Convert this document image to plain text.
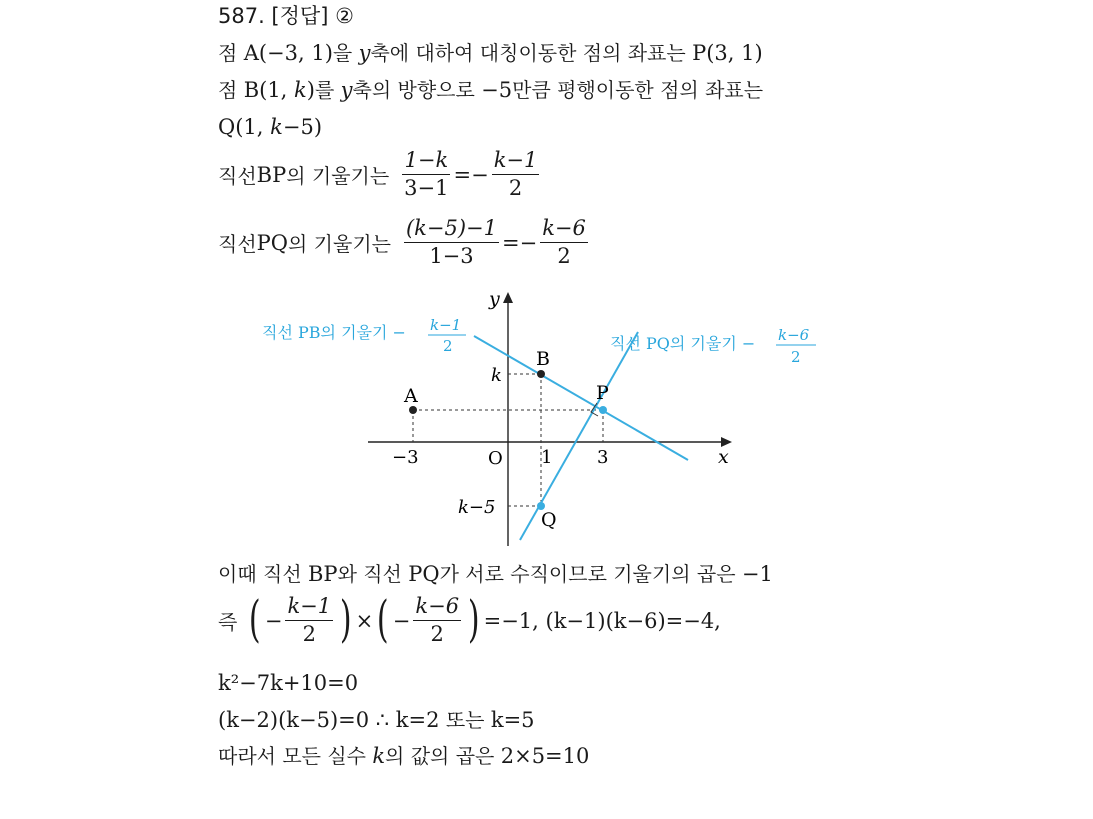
587. [정답] ②
점 A(−3, 1)을 y축에 대하여 대칭이동한 점의 좌표는 P(3, 1)
점 B(1, k)를 y축의 방향으로 −5만큼 평행이동한 점의 좌표는
Q(1, k−5)
직선 BP 의 기울기는 $\frac{1-k}{3-1} =- \frac{k-1}{2}$
직선 PQ 의 기울기는 $\frac{(k-5)-1}{1-3} =- \frac{k-6}{2}$
x
y
O
−3	1 3
k
k−5
A
B
P
Q
직선 PB의 기울기 − k−1
2	직선 PQ의 기울기 − k−6
2
이때 직선 BP와 직선 PQ가 서로 수직이므로 기울기의 곱은 −1
즉 ( − $\frac{k-1}{2}$ ) × ( − $\frac{k-6}{2}$ ) =−1, (k−1)(k−6)=−4,
k²−7k+10=0
(k−2)(k−5)=0 ∴ k=2 또는 k=5
따라서 모든 실수 k의 값의 곱은 2×5=10
